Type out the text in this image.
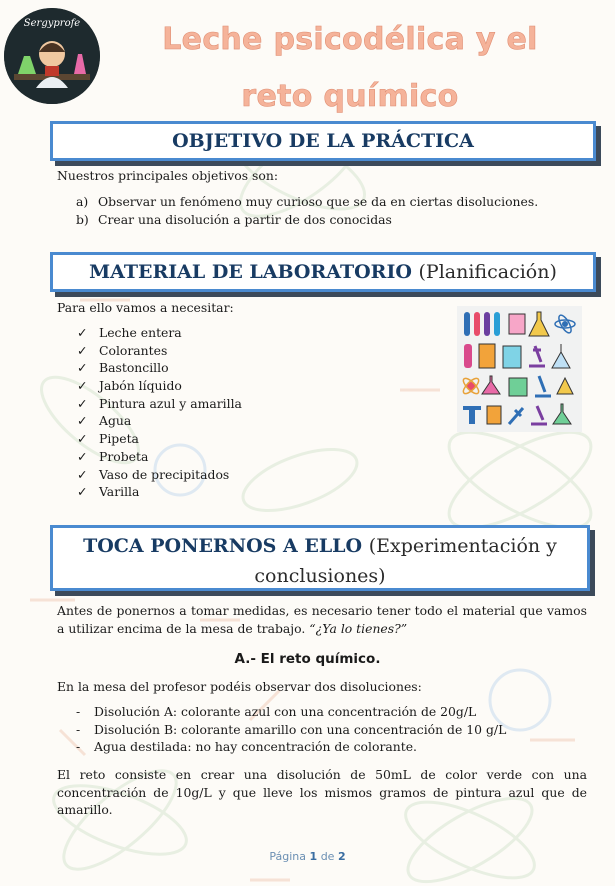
Sergyprofe	Leche psicodélica y el
reto químico
OBJETIVO DE LA PRÁCTICA
Nuestros principales objetivos son:
a) Observar un fenómeno muy curioso que se da en ciertas disoluciones.
b) Crear una disolución a partir de dos conocidas
MATERIAL DE LABORATORIO (Planificación)
Para ello vamos a necesitar:
✓ Leche entera
✓ Colorantes
✓ Bastoncillo
✓ Jabón líquido
✓ Pintura azul y amarilla
✓ Agua
✓ Pipeta
✓ Probeta
✓ Vaso de precipitados
✓ Varilla
TOCA PONERNOS A ELLO (Experimentación y
conclusiones)
Antes de ponernos a tomar medidas, es necesario tener todo el material que vamos a utilizar encima de la mesa de trabajo. “¿Ya lo tienes?”
A.- El reto químico.
En la mesa del profesor podéis observar dos disoluciones:
- Disolución A: colorante azul con una concentración de 20g/L
- Disolución B: colorante amarillo con una concentración de 10 g/L
- Agua destilada: no hay concentración de colorante.
El reto consiste en crear una disolución de 50mL de color verde con una concentración de 10g/L y que lleve los mismos gramos de pintura azul que de amarillo.
Página 1 de 2
